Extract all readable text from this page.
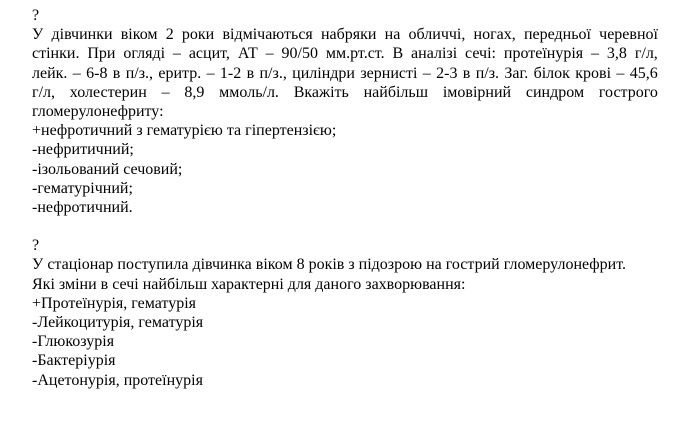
?
У дівчинки віком 2 роки відмічаються набряки на обличчі, ногах, передньої черевної
стінки. При огляді – асцит, АТ – 90/50 мм.рт.ст. В аналізі сечі: протеїнурія – 3,8 г/л,
лейк. – 6-8 в п/з., еритр. – 1-2 в п/з., циліндри зернисті – 2-3 в п/з. Заг. білок крові – 45,6
г/л, холестерин – 8,9 ммоль/л. Вкажіть найбільш імовірний синдром гострого
гломерулонефриту:
+нефротичний з гематурією та гіпертензією;
-нефритичний;
-ізольований сечовий;
-гематурічний;
-нефротичний.
?
У стаціонар поступила дівчинка віком 8 років з підозрою на гострий гломерулонефрит.
Які зміни в сечі найбільш характерні для даного захворювання:
+Протеїнурія, гематурія
-Лейкоцитурія, гематурія
-Глюкозурія
-Бактеріурія
-Ацетонурія, протеїнурія
